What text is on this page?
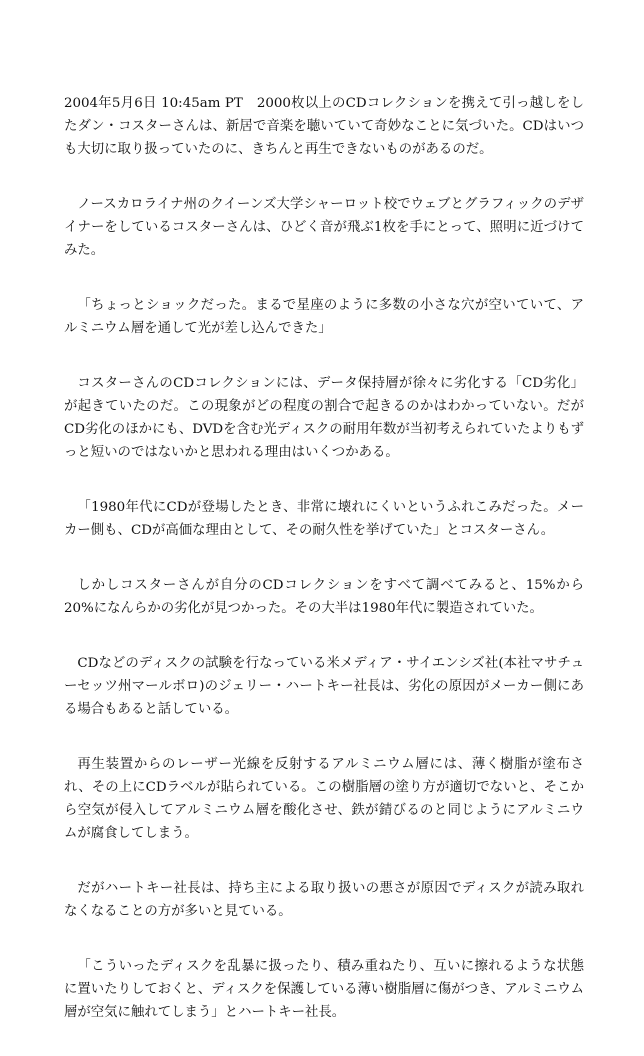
2004年5月6日 10:45am PT 2000枚以上のCDコレクションを携えて引っ越しをしたダン・コスターさんは、新居で音楽を聴いていて奇妙なことに気づいた。CDはいつも大切に取り扱っていたのに、きちんと再生できないものがあるのだ。

ノースカロライナ州のクイーンズ大学シャーロット校でウェブとグラフィックのデザイナーをしているコスターさんは、ひどく音が飛ぶ1枚を手にとって、照明に近づけてみた。

「ちょっとショックだった。まるで星座のように多数の小さな穴が空いていて、アルミニウム層を通して光が差し込んできた」

コスターさんのCDコレクションには、データ保持層が徐々に劣化する「CD劣化」が起きていたのだ。この現象がどの程度の割合で起きるのかはわかっていない。だがCD劣化のほかにも、DVDを含む光ディスクの耐用年数が当初考えられていたよりもずっと短いのではないかと思われる理由はいくつかある。

「1980年代にCDが登場したとき、非常に壊れにくいというふれこみだった。メーカー側も、CDが高価な理由として、その耐久性を挙げていた」とコスターさん。

しかしコスターさんが自分のCDコレクションをすべて調べてみると、15%から20%になんらかの劣化が見つかった。その大半は1980年代に製造されていた。

CDなどのディスクの試験を行なっている米メディア・サイエンシズ社(本社マサチューセッツ州マールボロ)のジェリー・ハートキー社長は、劣化の原因がメーカー側にある場合もあると話している。

再生装置からのレーザー光線を反射するアルミニウム層には、薄く樹脂が塗布され、その上にCDラベルが貼られている。この樹脂層の塗り方が適切でないと、そこから空気が侵入してアルミニウム層を酸化させ、鉄が錆びるのと同じようにアルミニウムが腐食してしまう。

だがハートキー社長は、持ち主による取り扱いの悪さが原因でディスクが読み取れなくなることの方が多いと見ている。

「こういったディスクを乱暴に扱ったり、積み重ねたり、互いに擦れるような状態に置いたりしておくと、ディスクを保護している薄い樹脂層に傷がつき、アルミニウム層が空気に触れてしまう」とハートキー社長。
